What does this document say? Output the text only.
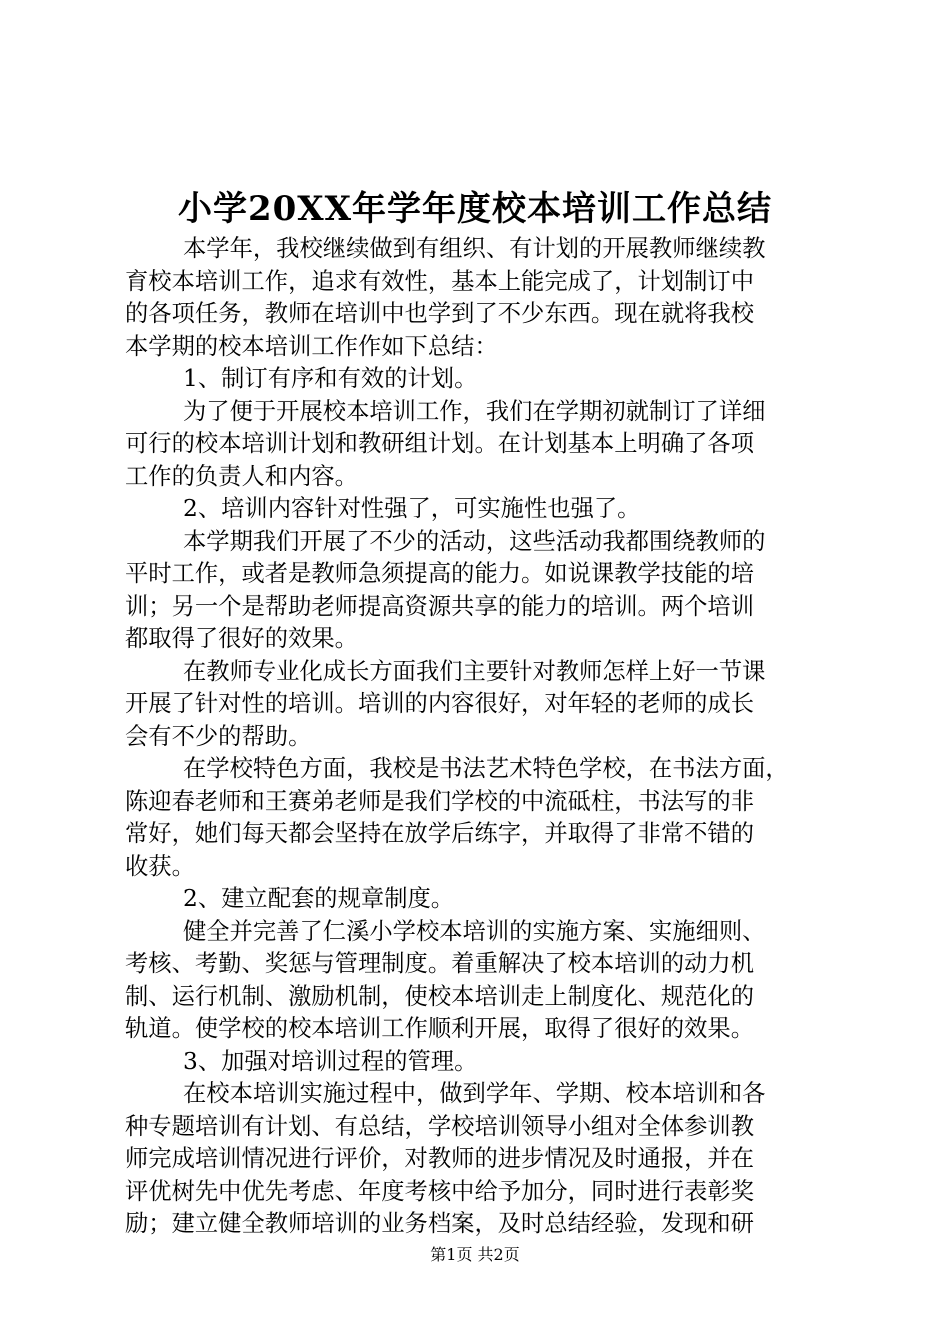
小学20XX年学年度校本培训工作总结
本学年，我校继续做到有组织、有计划的开展教师继续教
育校本培训工作，追求有效性，基本上能完成了，计划制订中
的各项任务，教师在培训中也学到了不少东西。现在就将我校
本学期的校本培训工作作如下总结：
1、制订有序和有效的计划。
为了便于开展校本培训工作，我们在学期初就制订了详细
可行的校本培训计划和教研组计划。在计划基本上明确了各项
工作的负责人和内容。
2、培训内容针对性强了，可实施性也强了。
本学期我们开展了不少的活动，这些活动我都围绕教师的
平时工作，或者是教师急须提高的能力。如说课教学技能的培
训；另一个是帮助老师提高资源共享的能力的培训。两个培训
都取得了很好的效果。
在教师专业化成长方面我们主要针对教师怎样上好一节课
开展了针对性的培训。培训的内容很好，对年轻的老师的成长
会有不少的帮助。
在学校特色方面，我校是书法艺术特色学校，在书法方面，
陈迎春老师和王赛弟老师是我们学校的中流砥柱，书法写的非
常好，她们每天都会坚持在放学后练字，并取得了非常不错的
收获。
2、建立配套的规章制度。
健全并完善了仁溪小学校本培训的实施方案、实施细则、
考核、考勤、奖惩与管理制度。着重解决了校本培训的动力机
制、运行机制、激励机制，使校本培训走上制度化、规范化的
轨道。使学校的校本培训工作顺利开展，取得了很好的效果。
3、加强对培训过程的管理。
在校本培训实施过程中，做到学年、学期、校本培训和各
种专题培训有计划、有总结，学校培训领导小组对全体参训教
师完成培训情况进行评价，对教师的进步情况及时通报，并在
评优树先中优先考虑、年度考核中给予加分，同时进行表彰奖
励；建立健全教师培训的业务档案，及时总结经验，发现和研
第1页 共2页
